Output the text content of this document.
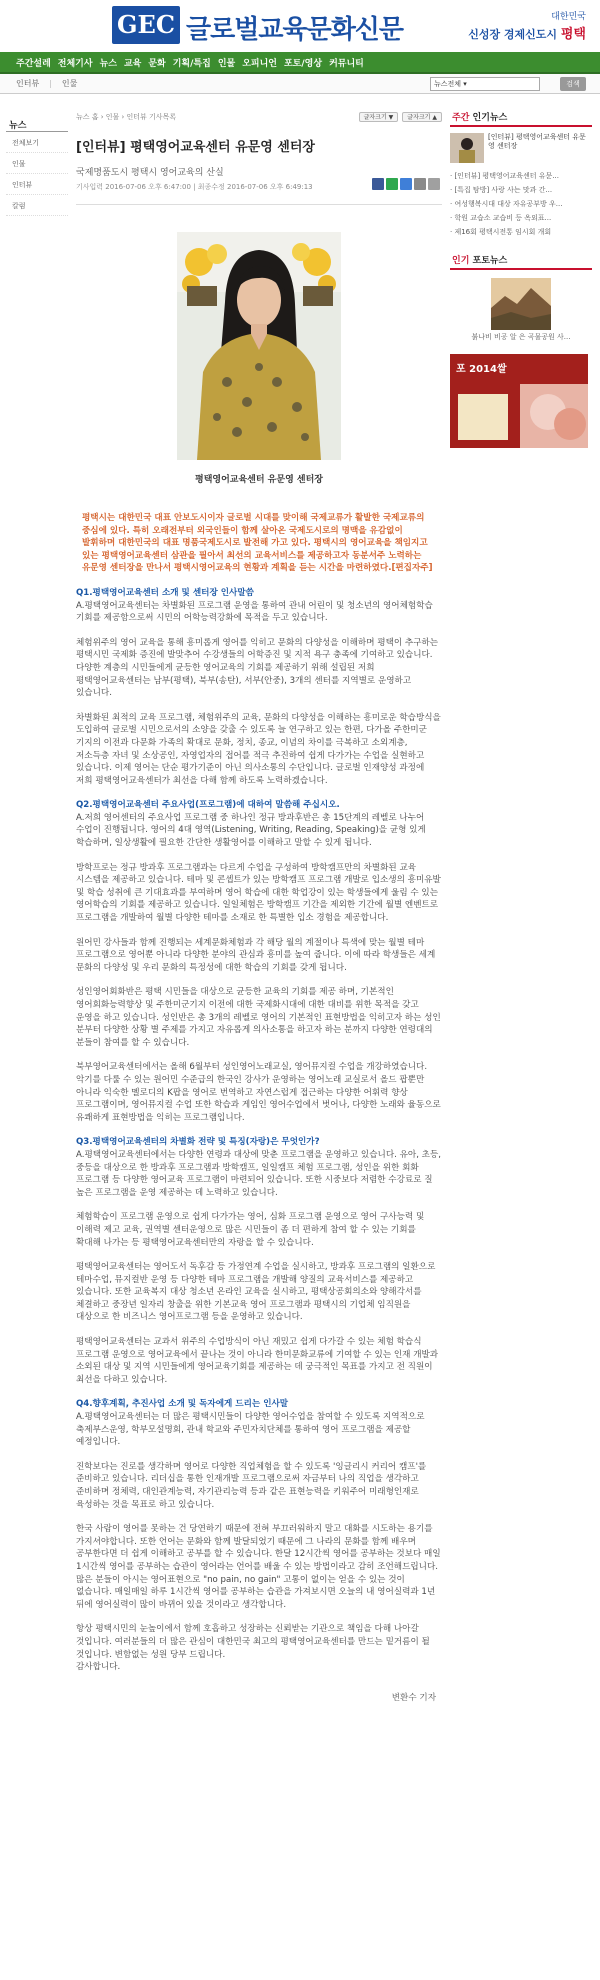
GEC 글로벌교육문화신문	대한민국
신성장 경제신도시 평택
주간설레 전체기사 뉴스 교육 문화 기획/특집 인물 오피니언 포토/영상 커뮤니티
인터뷰 | 인물	뉴스전체 ▾	검색
뉴스
전체보기
인물
인터뷰
칼럼
뉴스 홈 › 인물 › 인터뷰 기사목록	글자크기 ▼	글자크기 ▲
[인터뷰] 평택영어교육센터 유문영 센터장
국제명품도시 평택시 영어교육의 산실
기사입력 2016-07-06 오후 6:47:00 | 최종수정 2016-07-06 오후 6:49:13
평택영어교육센터 유문영 센터장

평택시는 대한민국 대표 안보도시이자 글로벌 시대를 맞이해 국제교류가 활발한 국제교류의 중심에 있다. 특히 오래전부터 외국인들이 함께 살아온 국제도시로의 명맥을 유감없이 발휘하며 대한민국의 대표 명품국제도시로 발전해 가고 있다. 평택시의 영어교육을 책임지고 있는 평택영어교육센터 삼관을 필아서 최선의 교육서비스를 제공하고자 동분서주 노력하는 유문영 센터장을 만나서 평택시영어교육의 현황과 계획을 듣는 시간을 마련하였다.[편집자주]

Q1.평택영어교육센터 소개 및 센터장 인사말씀

A.평택영어교육센터는 차별화된 프로그램 운영을 통하여 관내 어린이 및 청소년의 영어체험학습 기회를 제공함으로써 시민의 어학능력강화에 목적을 두고 있습니다.

체험위주의 영어 교육을 통해 흥미롭게 영어를 익히고 문화의 다양성을 이해하며 평택이 추구하는 평택시민 국제화 증진에 발맞추어 수강생들의 어학증진 및 지적 욕구 충족에 기여하고 있습니다. 다양한 계층의 시민들에게 균등한 영어교육의 기회를 제공하기 위해 설립된 저희 평택영어교육센터는 남부(평택), 북부(송탄), 서부(안중), 3개의 센터를 지역별로 운영하고 있습니다.

차별화된 최적의 교육 프로그램, 체험위주의 교육, 문화의 다양성을 이해하는 흥미로운 학습방식을 도입하여 글로벌 시민으로서의 소양을 갖출 수 있도록 늘 연구하고 있는 한편, 다가올 주한미군 기지의 이전과 다문화 가족의 확대로 문화, 정치, 종교, 이념의 차이를 극복하고 소외계층, 저소득층 자녀 및 소상공인, 자영업자의 접어를 적극 추진하여 쉽게 다가가는 수업을 실현하고 있습니다. 이제 영어는 단순 평가기준이 아닌 의사소통의 수단입니다. 글로벌 인재양성 과정에 저희 평택영어교육센터가 최선을 다해 함께 하도록 노력하겠습니다.

Q2.평택영어교육센터 주요사업(프로그램)에 대하여 말씀해 주십시오.

A.저희 영어센터의 주요사업 프로그램 중 하나인 정규 방과후반은 총 15단계의 레벨로 나누어 수업이 진행됩니다. 영어의 4대 영역(Listening, Writing, Reading, Speaking)을 균형 있게 학습하며, 일상생활에 필요한 간단한 생활영어를 이해하고 말할 수 있게 됩니다.

방학프로는 정규 방과후 프로그램과는 다르게 수업을 구성하여 방학캠프만의 차별화된 교육 시스템을 제공하고 있습니다. 테마 및 콘셉트가 있는 방학캠프 프로그램 개발로 입소생의 흥미유발 및 학습 성취에 큰 기대효과를 부여하며 영어 학습에 대한 학업강이 있는 학생들에게 울림 수 있는 영어학습의 기회를 제공하고 있습니다. 일일체험은 방학캠프 기간을 제외한 기간에 월별 엔벤트로 프로그램을 개발하여 월별 다양한 테마를 소재로 한 특별한 입소 경험을 제공합니다.

원어민 강사들과 함께 진행되는 세계문화체험과 각 해당 월의 계절이나 특색에 맞는 월별 테마 프로그램으로 영어뿐 아니라 다양한 분야의 관심과 흥미를 높여 줍니다. 이에 따라 학생들은 세계 문화의 다양성 및 우리 문화의 특정성에 대한 학습의 기회를 갖게 됩니다.

성인영어회화반은 평택 시민들을 대상으로 균등한 교육의 기회를 제공 하며, 기본적인 영어회화능력향상 및 주한미군기지 이전에 대한 국제화시대에 대한 대비를 위한 목적을 갖고 운영을 하고 있습니다. 성인반은 총 3개의 레벨로 영어의 기본적인 표현방법을 익히고자 하는 성인 분부터 다양한 상황 별 주제를 가지고 자유롭게 의사소통을 하고자 하는 분까지 다양한 연령대의 분들이 참여를 할 수 있습니다.

북부영어교육센터에서는 올해 6월부터 성인영어노래교실, 영어뮤지컬 수업을 개강하였습니다. 악기를 다룰 수 있는 원어민 수준급의 한국인 강사가 운영하는 영어노래 교실로서 올드 팝뿐만 아니라 익숙한 멜로디의 K팝을 영어로 번역하고 자연스럽게 접근하는 다양한 어휘력 향상 프로그램이며, 영어뮤지컬 수업 또한 학습과 게임인 영어수업에서 벗어나, 다양한 노래와 율동으로 유쾌하게 표현방법을 익히는 프로그램입니다.

Q3.평택영어교육센터의 차별화 전략 및 특징(자랑)은 무엇인가?

A.평택영어교육센터에서는 다양한 연령과 대상에 맞춘 프로그램을 운영하고 있습니다. 유아, 초등, 중등을 대상으로 한 방과후 프로그램과 방학캠프, 일일캠프 체험 프로그램, 성인을 위한 회화 프로그램 등 다양한 영어교육 프로그램이 마련되어 있습니다. 또한 시중보다 저렴한 수강료로 질 높은 프로그램을 운영 제공하는 데 노력하고 있습니다.

체험학습이 프로그램 운영으로 쉽게 다가가는 영어, 심화 프로그램 운영으로 영어 구사능력 및 이해력 제고 교육, 권역별 센터운영으로 많은 시민들이 좀 더 편하게 참여 할 수 있는 기회를 확대해 나가는 등 평택영어교육센터만의 자랑을 할 수 있습니다.

평택영어교육센터는 영어도서 독후감 등 가정연계 수업을 실시하고, 방과후 프로그램의 일환으로 테마수업, 뮤지컬반 운영 등 다양한 테마 프로그램을 개발해 양질의 교육서비스를 제공하고 있습니다. 또한 교육복지 대상 청소년 온라인 교육을 실시하고, 평택상공회의소와 양해각서를 체결하고 중장년 일자리 창출을 위한 기본교육 영어 프로그램과 평택시의 기업체 임직원을 대상으로 한 비즈니스 영어프로그램 등을 운영하고 있습니다.

평택영어교육센터는 교과서 위주의 수업방식이 아닌 재밌고 쉽게 다가갈 수 있는 체험 학습식 프로그램 운영으로 영어교육에서 끝나는 것이 아니라 한미문화교류에 기여할 수 있는 인재 개발과 소외된 대상 및 지역 시민들에게 영어교육기회를 제공하는 데 궁극적인 목표를 가지고 전 직원이 최선을 다하고 있습니다.

Q4.향후계획, 추진사업 소개 및 독자에게 드리는 인사말

A.평택영어교육센터는 더 많은 평택시민들이 다양한 영어수업을 참여할 수 있도록 지역적으로 축제부스운영, 학부모설명회, 관내 학교와 주민자치단체를 통하여 영어 프로그램을 제공할 예정입니다.

진학보다는 진로를 생각하며 영어로 다양한 직업체험을 할 수 있도록 '잉글리시 커리어 캠프'를 준비하고 있습니다. 리더십을 통한 인재개발 프로그램으로써 자금부터 나의 직업을 생각하고 준비하며 정체력, 대인관계능력, 자기관리능력 등과 같은 표현능력을 키워주어 미래형인재로 육성하는 것을 목표로 하고 있습니다.

한국 사람이 영어를 못하는 건 당연하기 때문에 전혀 부끄러워하지 말고 대화를 시도하는 용기를 가지셔야합니다. 또한 언어는 문화와 함께 발달되었기 때문에 그 나라의 문화를 함께 배우며 공부한다면 더 쉽게 이해하고 공부를 할 수 있습니다. 한달 12시간씩 영어를 공부하는 것보다 매일 1시간씩 영어를 공부하는 습관이 영어라는 언어를 배울 수 있는 방법이라고 감히 조언해드립니다. 많은 분들이 아시는 영어표현으로 "no pain, no gain" 고통이 없이는 얻을 수 있는 것이 없습니다. 매일매일 하루 1시간씩 영어를 공부하는 습관을 가져보시면 오늘의 내 영어실력과 1년 뒤에 영어실력이 많이 바뀌어 있을 것이라고 생각합니다.

항상 평택시민의 눈높이에서 함께 호흡하고 성장하는 신뢰받는 기관으로 책임을 다해 나아갈 것입니다. 여러분들의 더 많은 관심이 대한민국 최고의 평택영어교육센터를 만드는 밑거름이 될 것입니다. 변함없는 성원 당부 드립니다.

감사합니다.

변환수 기자

주간 인기뉴스
[인터뷰] 평택영어교육센터 유문영 센터장
· [인터뷰] 평택영어교육센터 유문...
· [특집 탐방] 사랑 사는 맛과 간...
· 여성행복시대 대상 자유공부방 우...
· 학원 교습소 교습비 등 옥외표...
· 제16회 평택시전통 임시회 개회
인기 포토뉴스
붉나비 비공 알 은 곡물공원 사...
포 2014쌀
